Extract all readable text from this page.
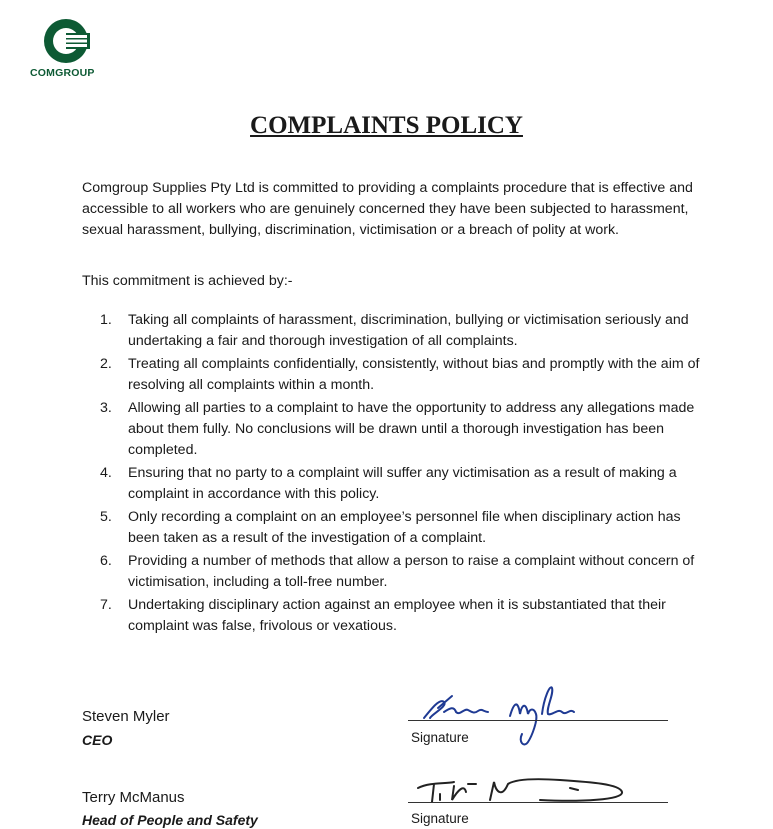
COMGROUP
COMPLAINTS POLICY

Comgroup Supplies Pty Ltd is committed to providing a complaints procedure that is effective and accessible to all workers who are genuinely concerned they have been subjected to harassment, sexual harassment, bullying, discrimination, victimisation or a breach of polity at work.

This commitment is achieved by:-

1.	Taking all complaints of harassment, discrimination, bullying or victimisation seriously and undertaking a fair and thorough investigation of all complaints.
2.	Treating all complaints confidentially, consistently, without bias and promptly with the aim of resolving all complaints within a month.
3.	Allowing all parties to a complaint to have the opportunity to address any allegations made about them fully. No conclusions will be drawn until a thorough investigation has been completed.
4.	Ensuring that no party to a complaint will suffer any victimisation as a result of making a complaint in accordance with this policy.
5.	Only recording a complaint on an employee’s personnel file when disciplinary action has been taken as a result of the investigation of a complaint.
6.	Providing a number of methods that allow a person to raise a complaint without concern of victimisation, including a toll-free number.
7.	Undertaking disciplinary action against an employee when it is substantiated that their complaint was false, frivolous or vexatious.
Steven Myler
CEO	Signature
Terry McManus
Head of People and Safety	Signature
